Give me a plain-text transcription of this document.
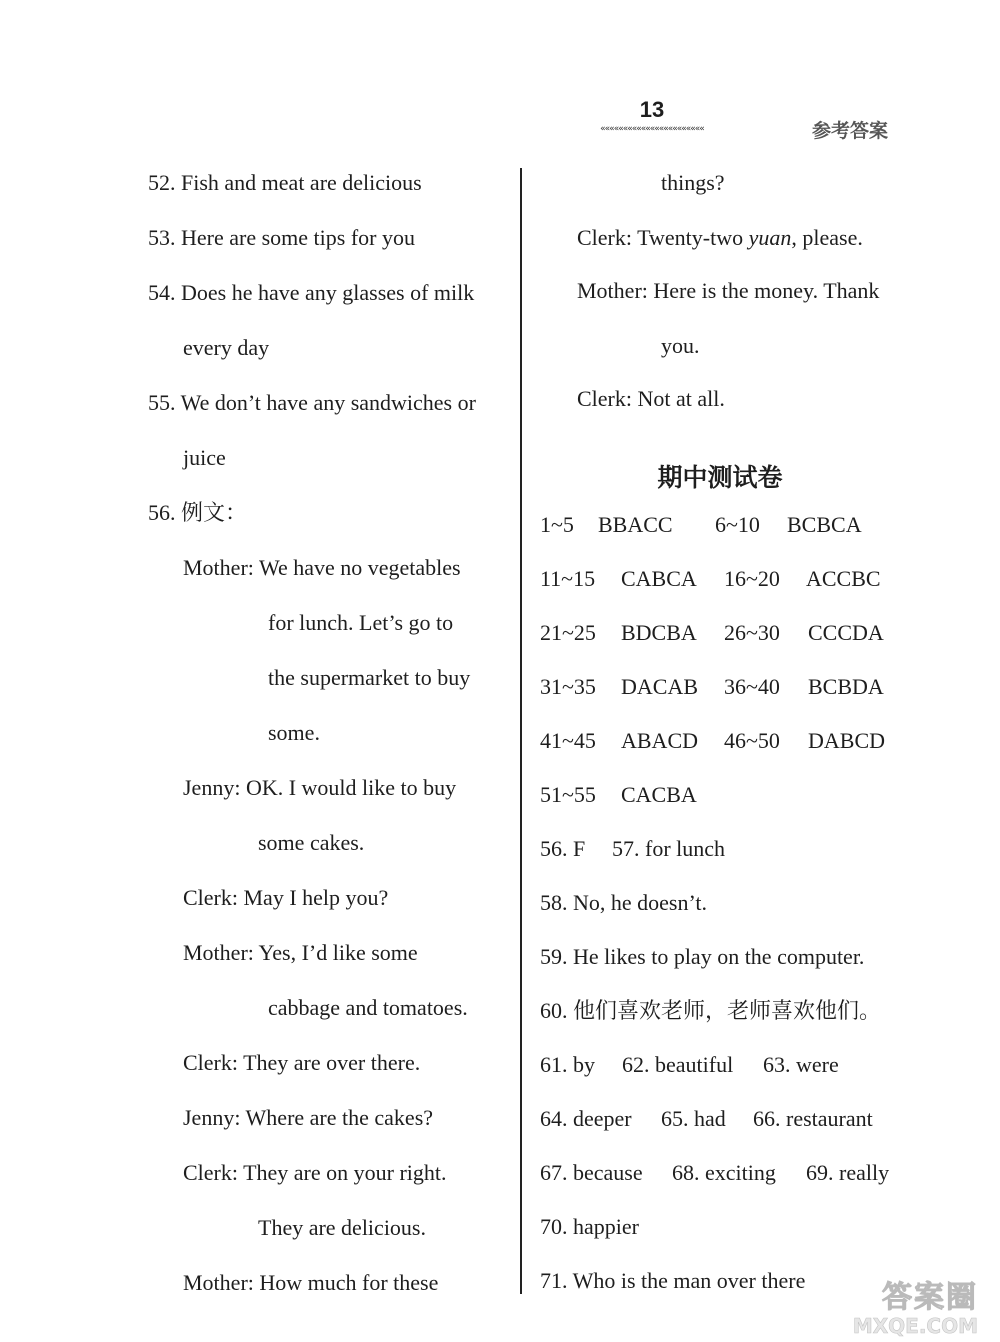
13
«««««««««««««««««««««««	参考答案
52. Fish and meat are delicious
53. Here are some tips for you
54. Does he have any glasses of milk
every day
55. We don’t have any sandwiches or
juice
56. 例文：
Mother: We have no vegetables
for lunch. Let’s go to
the supermarket to buy
some.
Jenny: OK. I would like to buy
some cakes.
Clerk: May I help you?
Mother: Yes, I’d like some
cabbage and tomatoes.
Clerk: They are over there.
Jenny: Where are the cakes?
Clerk: They are on your right.
They are delicious.
Mother: How much for these
things?
Clerk: Twenty-two yuan, please.
Mother: Here is the money. Thank
you.
Clerk: Not at all.
期中测试卷
1~5 BBACC 6~10 BCBCA
11~15 CABCA 16~20 ACCBC
21~25 BDCBA 26~30 CCCDA
31~35 DACAB 36~40 BCBDA
41~45 ABACD 46~50 DABCD
51~55 CACBA
56. F 57. for lunch
58. No, he doesn’t.
59. He likes to play on the computer.
60. 他们喜欢老师，老师喜欢他们。
61. by 62. beautiful 63. were
64. deeper 65. had 66. restaurant
67. because 68. exciting 69. really
70. happier
71. Who is the man over there	答案圈
MXQE.COM
